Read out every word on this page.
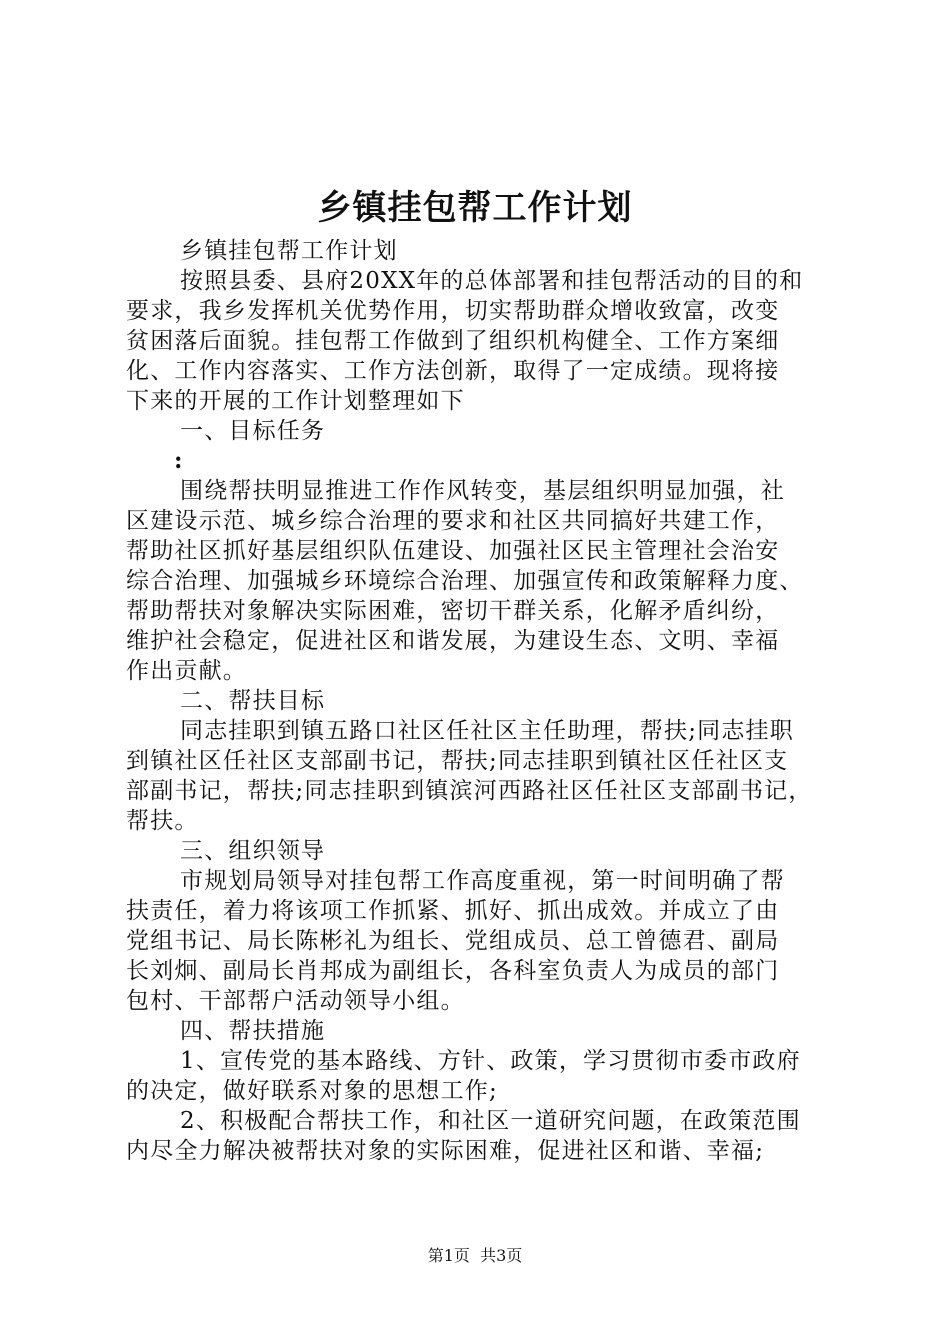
乡镇挂包帮工作计划
乡镇挂包帮工作计划
按照县委、县府20XX年的总体部署和挂包帮活动的目的和
要求，我乡发挥机关优势作用，切实帮助群众增收致富，改变
贫困落后面貌。挂包帮工作做到了组织机构健全、工作方案细
化、工作内容落实、工作方法创新，取得了一定成绩。现将接
下来的开展的工作计划整理如下
一、目标任务
:
围绕帮扶明显推进工作作风转变，基层组织明显加强，社
区建设示范、城乡综合治理的要求和社区共同搞好共建工作，
帮助社区抓好基层组织队伍建设、加强社区民主管理社会治安
综合治理、加强城乡环境综合治理、加强宣传和政策解释力度、
帮助帮扶对象解决实际困难，密切干群关系，化解矛盾纠纷，
维护社会稳定，促进社区和谐发展，为建设生态、文明、幸福
作出贡献。
二、帮扶目标
同志挂职到镇五路口社区任社区主任助理，帮扶;同志挂职
到镇社区任社区支部副书记，帮扶;同志挂职到镇社区任社区支
部副书记，帮扶;同志挂职到镇滨河西路社区任社区支部副书记，
帮扶。
三、组织领导
市规划局领导对挂包帮工作高度重视，第一时间明确了帮
扶责任，着力将该项工作抓紧、抓好、抓出成效。并成立了由
党组书记、局长陈彬礼为组长、党组成员、总工曾德君、副局
长刘炯、副局长肖邦成为副组长，各科室负责人为成员的部门
包村、干部帮户活动领导小组。
四、帮扶措施
1、宣传党的基本路线、方针、政策，学习贯彻市委市政府
的决定，做好联系对象的思想工作;
2、积极配合帮扶工作，和社区一道研究问题，在政策范围
内尽全力解决被帮扶对象的实际困难，促进社区和谐、幸福;
第1页  共3页
